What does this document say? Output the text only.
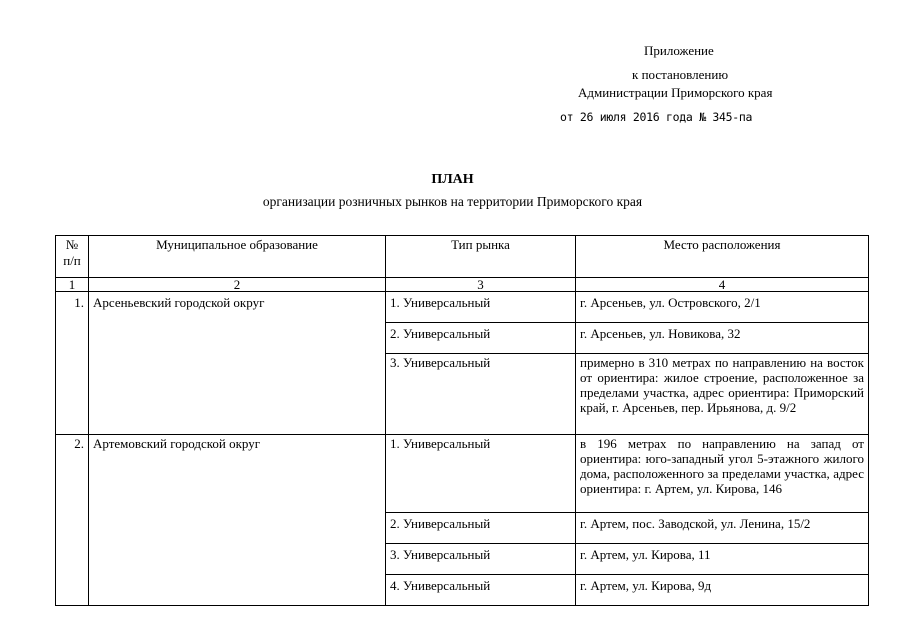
Приложение
к постановлению
Администрации Приморского края
от 26 июля 2016 года № 345-па
ПЛАН
организации розничных рынков на территории Приморского края
№ п/п	Муниципальное образование	Тип рынка	Место расположения
1	2	3	4
1.	Арсеньевский городской округ	1. Универсальный	г. Арсеньев, ул. Островского, 2/1
		2. Универсальный	г. Арсеньев, ул. Новикова, 32
		3. Универсальный	примерно в 310 метрах по направлению на восток от ориентира: жилое строение, расположенное за пределами участка, адрес ориентира: Приморский край, г. Арсеньев, пер. Ирьянова, д. 9/2
2.	Артемовский городской округ	1. Универсальный	в 196 метрах по направлению на запад от ориентира: юго-западный угол 5-этажного жилого дома, расположенного за пределами участка, адрес ориентира: г. Артем, ул. Кирова, 146
		2. Универсальный	г. Артем, пос. Заводской, ул. Ленина, 15/2
		3. Универсальный	г. Артем, ул. Кирова, 11
		4. Универсальный	г. Артем, ул. Кирова, 9д
